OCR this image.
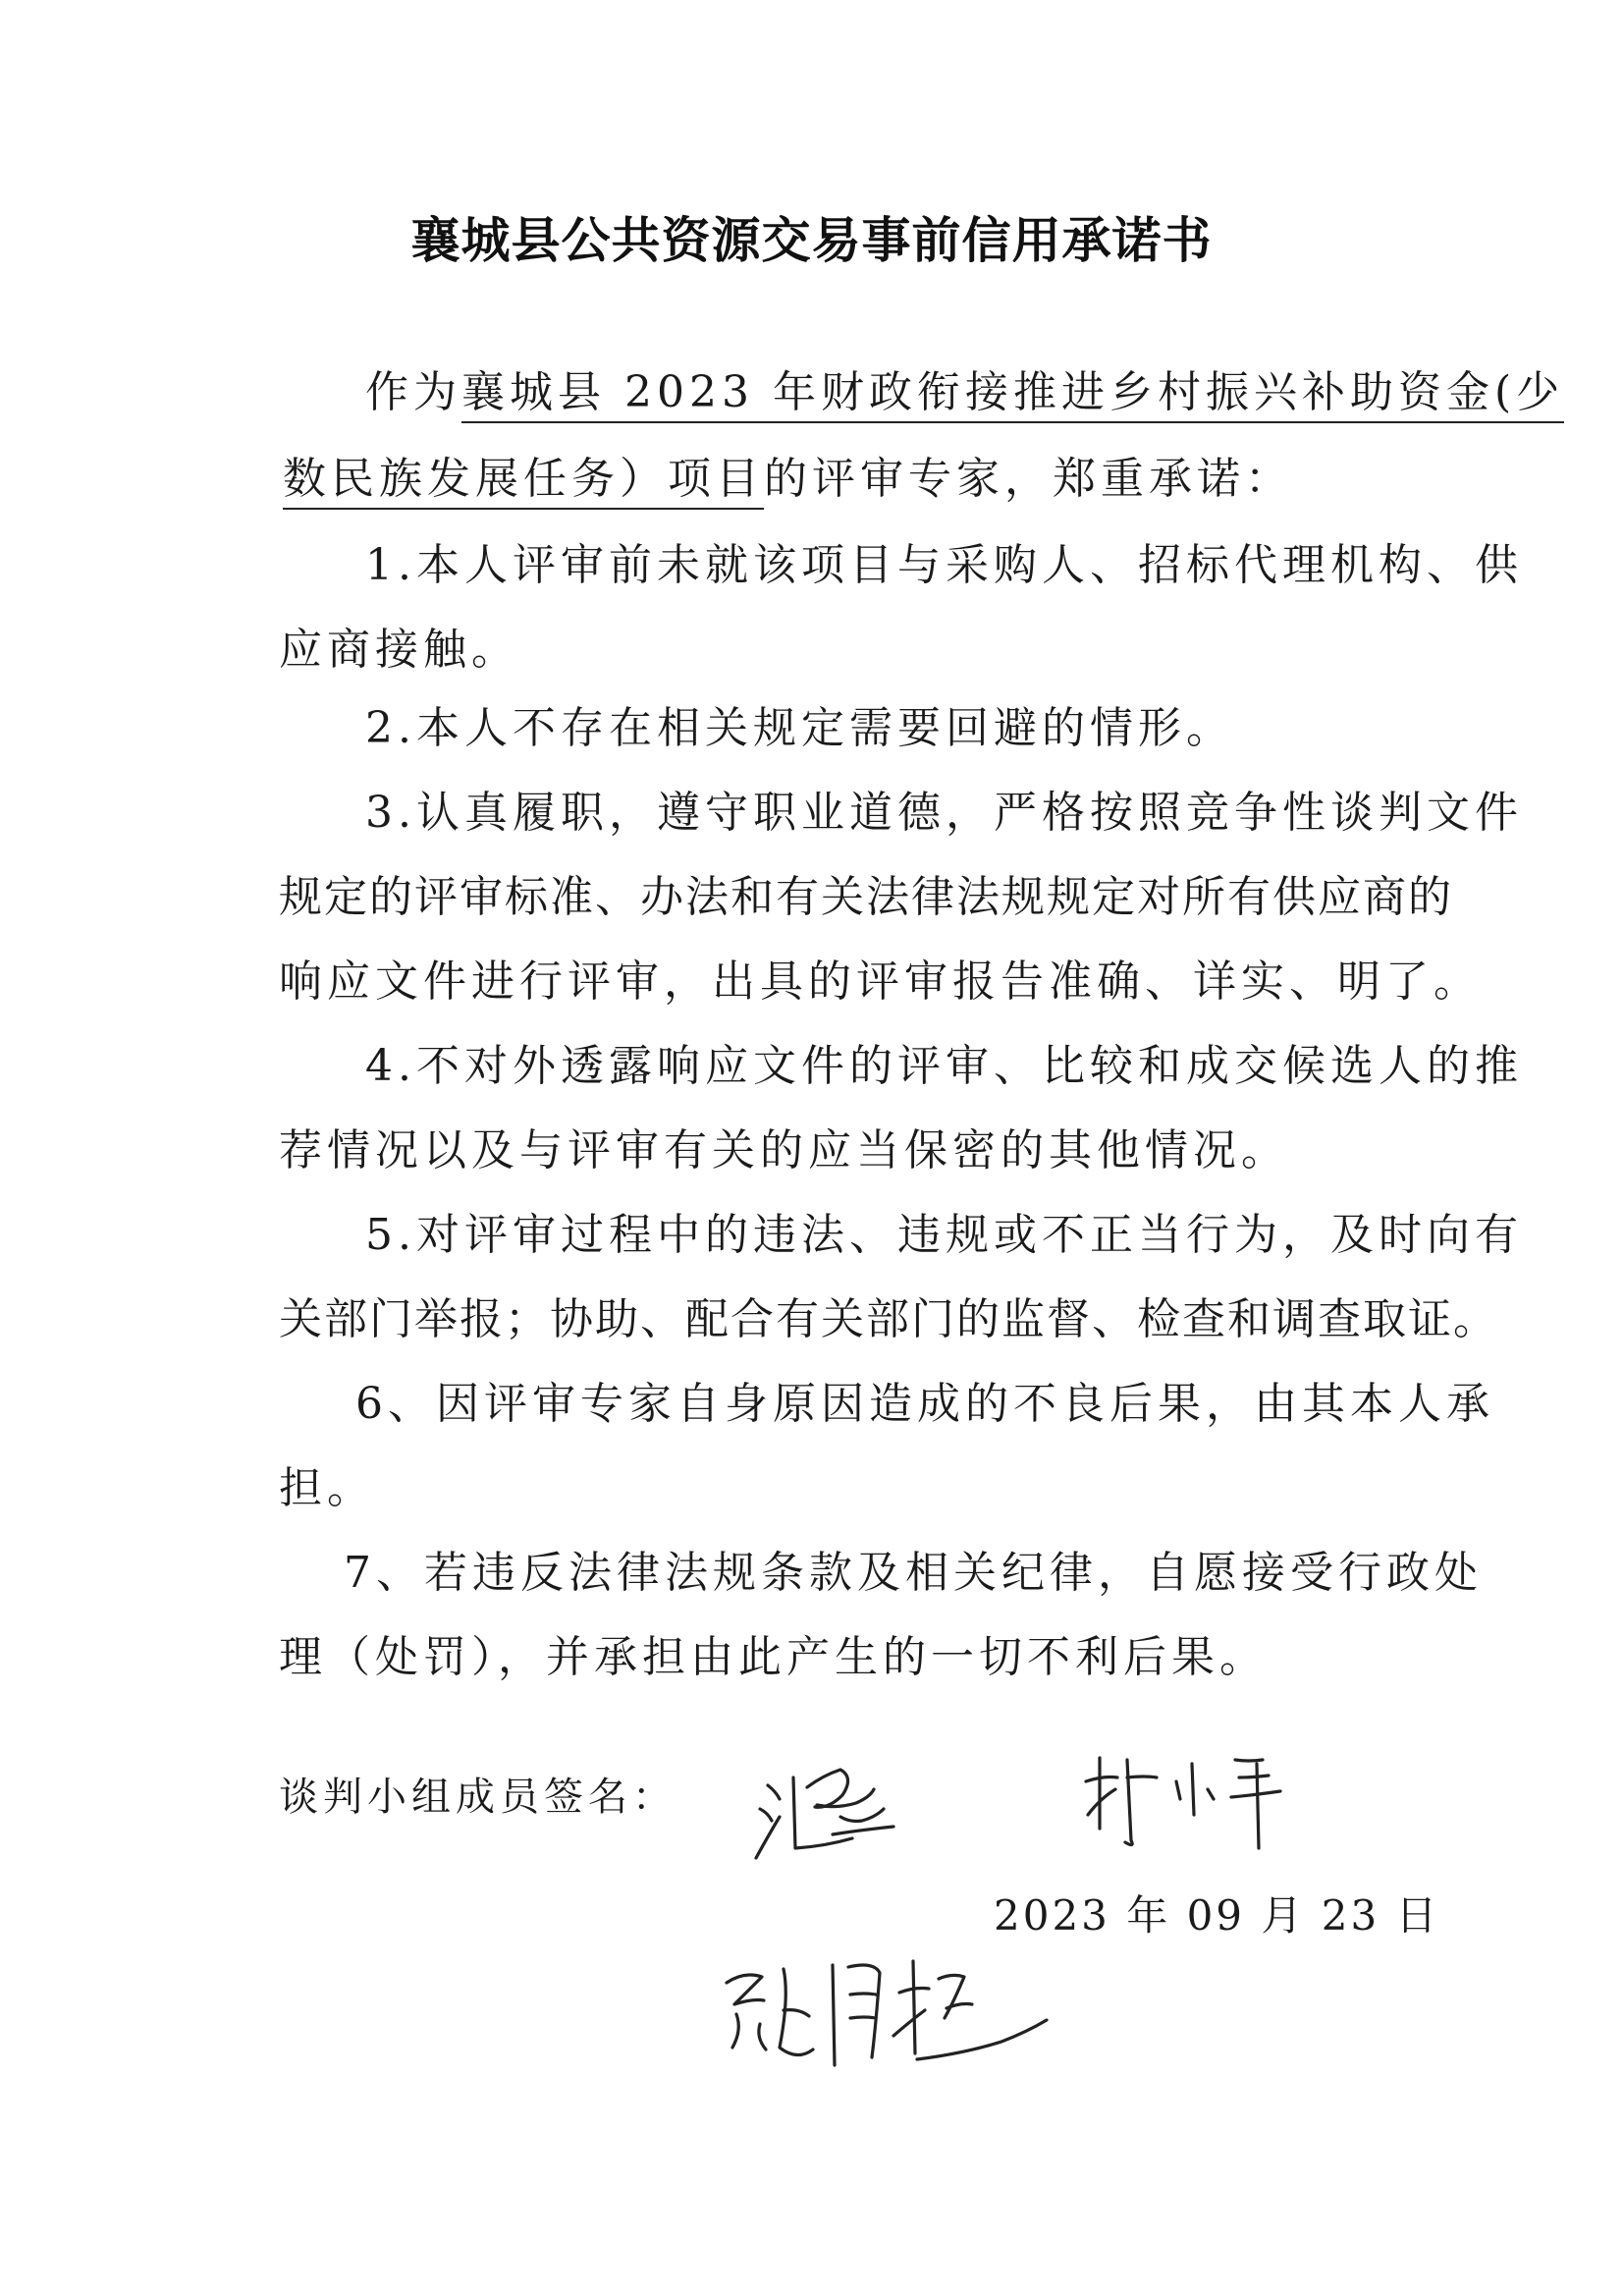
襄城县公共资源交易事前信用承诺书
作为襄城县 2023 年财政衔接推进乡村振兴补助资金(少
数民族发展任务）项目的评审专家，郑重承诺：
1.本人评审前未就该项目与采购人、招标代理机构、供
应商接触。
2.本人不存在相关规定需要回避的情形。
3.认真履职，遵守职业道德，严格按照竞争性谈判文件
规定的评审标准、办法和有关法律法规规定对所有供应商的
响应文件进行评审，出具的评审报告准确、详实、明了。
4.不对外透露响应文件的评审、比较和成交候选人的推
荐情况以及与评审有关的应当保密的其他情况。
5.对评审过程中的违法、违规或不正当行为，及时向有
关部门举报；协助、配合有关部门的监督、检查和调查取证。
6、因评审专家自身原因造成的不良后果，由其本人承
担。
7、若违反法律法规条款及相关纪律，自愿接受行政处
理（处罚），并承担由此产生的一切不利后果。
谈判小组成员签名：
2023 年 09 月 23 日
